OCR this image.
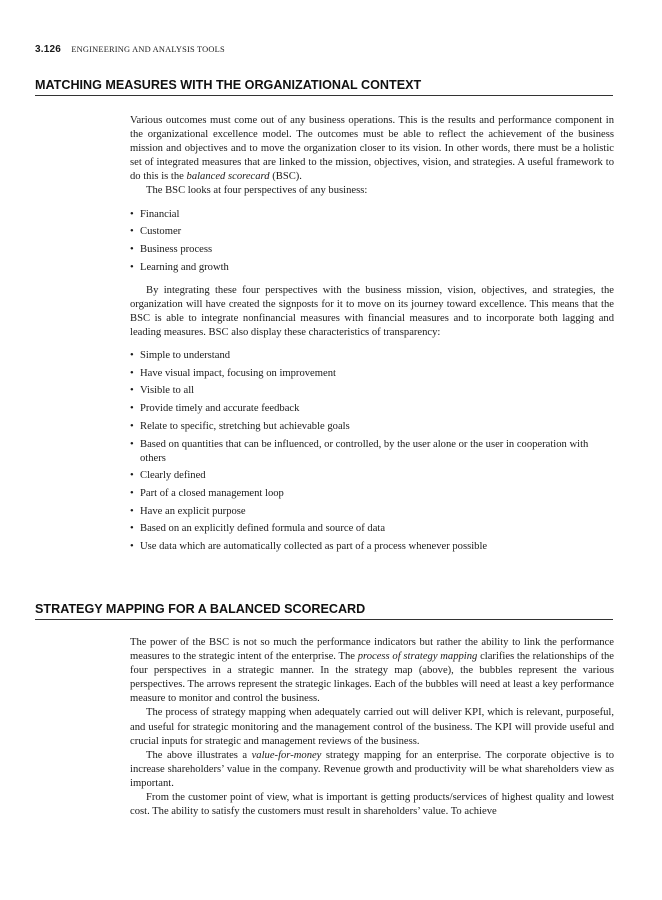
3.126 ENGINEERING AND ANALYSIS TOOLS
MATCHING MEASURES WITH THE ORGANIZATIONAL CONTEXT

Various outcomes must come out of any business operations. This is the results and performance component in the organizational excellence model. The outcomes must be able to reflect the achievement of the business mission and objectives and to move the organization closer to its vision. In other words, there must be a holistic set of integrated measures that are linked to the mission, objectives, vision, and strategies. A useful framework to do this is the balanced scorecard (BSC).

The BSC looks at four perspectives of any business:

• Financial
• Customer
• Business process
• Learning and growth

By integrating these four perspectives with the business mission, vision, objectives, and strategies, the organization will have created the signposts for it to move on its journey toward excellence. This means that the BSC is able to integrate nonfinancial measures with financial measures and to incorporate both lagging and leading measures. BSC also display these characteristics of transparency:

• Simple to understand
• Have visual impact, focusing on improvement
• Visible to all
• Provide timely and accurate feedback
• Relate to specific, stretching but achievable goals
• Based on quantities that can be influenced, or controlled, by the user alone or the user in cooperation with others
• Clearly defined
• Part of a closed management loop
• Have an explicit purpose
• Based on an explicitly defined formula and source of data
• Use data which are automatically collected as part of a process whenever possible
STRATEGY MAPPING FOR A BALANCED SCORECARD

The power of the BSC is not so much the performance indicators but rather the ability to link the performance measures to the strategic intent of the enterprise. The process of strategy mapping clarifies the relationships of the four perspectives in a strategic manner. In the strategy map (above), the bubbles represent the various perspectives. The arrows represent the strategic linkages. Each of the bubbles will need at least a key performance measure to monitor and control the business.

The process of strategy mapping when adequately carried out will deliver KPI, which is relevant, purposeful, and useful for strategic monitoring and the management control of the business. The KPI will provide useful and crucial inputs for strategic and management reviews of the business.

The above illustrates a value-for-money strategy mapping for an enterprise. The corporate objective is to increase shareholders’ value in the company. Revenue growth and productivity will be what shareholders view as important.

From the customer point of view, what is important is getting products/services of highest quality and lowest cost. The ability to satisfy the customers must result in shareholders’ value. To achieve
